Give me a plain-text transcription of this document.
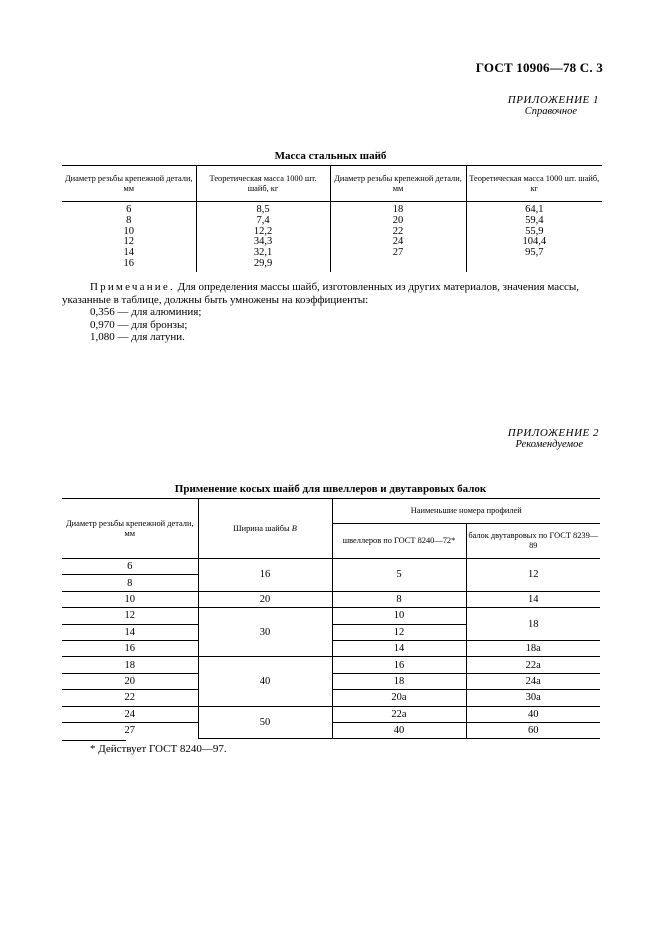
ГОСТ 10906—78 С. 3
ПРИЛОЖЕНИЕ 1
Справочное
Масса стальных шайб
Диаметр резьбы крепежной детали, мм	Теоретическая масса 1000 шт. шайб, кг	Диаметр резьбы крепежной детали, мм	Теоретическая масса 1000 шт. шайб, кг
6	8,5	18	64,1
8	7,4	20	59,4
10	12,2	22	55,9
12	34,3	24	104,4
14	32,1	27	95,7
16	29,9		

Примечание. Для определения массы шайб, изготовленных из других материалов, значения массы, указанные в таблице, должны быть умножены на коэффициенты:

0,356 — для алюминия;

0,970 — для бронзы;

1,080 — для латуни.

ПРИЛОЖЕНИЕ 2
Рекомендуемое
Применение косых шайб для швеллеров и двутавровых балок
Диаметр резьбы крепежной детали, мм	Ширина шайбы B	Наименьшие номера профилей	
		швеллеров по ГОСТ 8240—72*	балок двутавровых по ГОСТ 8239—89
6	16	5	12
8			
10	20	8	14
12	30	10	18
14		12	
16		14	18а
18	40	16	22а
20		18	24а
22		20а	30а
24	50	22а	40
27		40	60
* Действует ГОСТ 8240—97.
